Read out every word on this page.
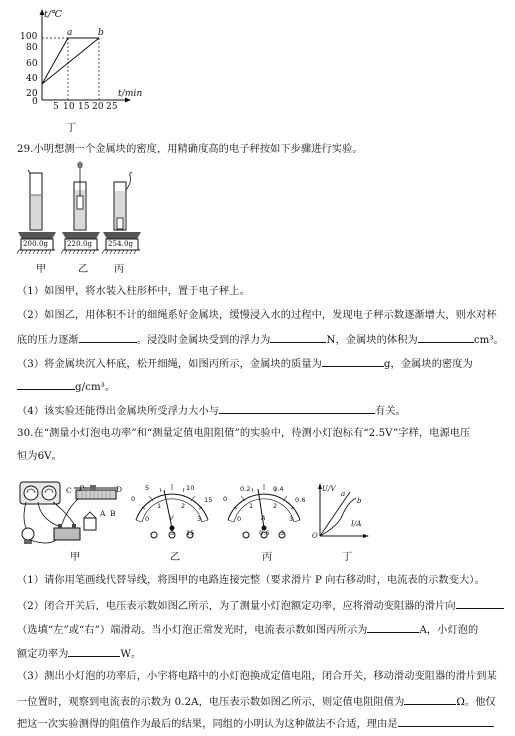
t/℃
100
80
60
40
20
0 5 10 15 20 25
t/min
a	b
丁
29.小明想测一个金属块的密度，用精确度高的电子秤按如下步骤进行实验。
200.0g	220.0g 254.0g
甲	乙	丙
（1）如图甲，将水装入柱形杯中，置于电子秤上。
（2）如图乙，用体积不计的细绳系好金属块，缓慢浸入水的过程中，发现电子秤示数逐渐增大，则水对杯
底的压力逐渐	。浸没时金属块受到的浮力为	N，金属块的体积为	cm³。
（3）将金属块沉入杯底，松开细绳，如图丙所示，金属块的质量为	g，金属块的密度为
g/cm³。
（4）该实验还能得出金属块所受浮力大小与	有关。
30.在“测量小灯泡电功率”和“测量定值电阻阻值”的实验中，待测小灯泡标有“2.5V”字样，电源电压
恒为6V。
P	D
C
A B
0
5	10
15
0
1	2
3
V
-	3 15
0
0.2	0.4
0.6
0
1	2
3
A
- 0.6 3
U/V
I/A
O
a
b
甲	乙	丙	丁
（1）请你用笔画线代替导线，将图甲的电路连接完整（要求滑片 P 向右移动时，电流表的示数变大）。
（2）闭合开关后，电压表示数如图乙所示，为了测量小灯泡额定功率，应将滑动变阻器的滑片向
（选填“左”或“右”）端滑动。当小灯泡正常发光时，电流表示数如图丙所示为	A，小灯泡的
额定功率为	W。
（3）测出小灯泡的功率后，小宇将电路中的小灯泡换成定值电阻，闭合开关，移动滑动变阻器的滑片到某
一位置时，观察到电流表的示数为 0.2A，电压表示数如图乙所示，则定值电阻阻值为	Ω。他仅
把这一次实验测得的阻值作为最后的结果，同组的小明认为这种做法不合适，理由是
